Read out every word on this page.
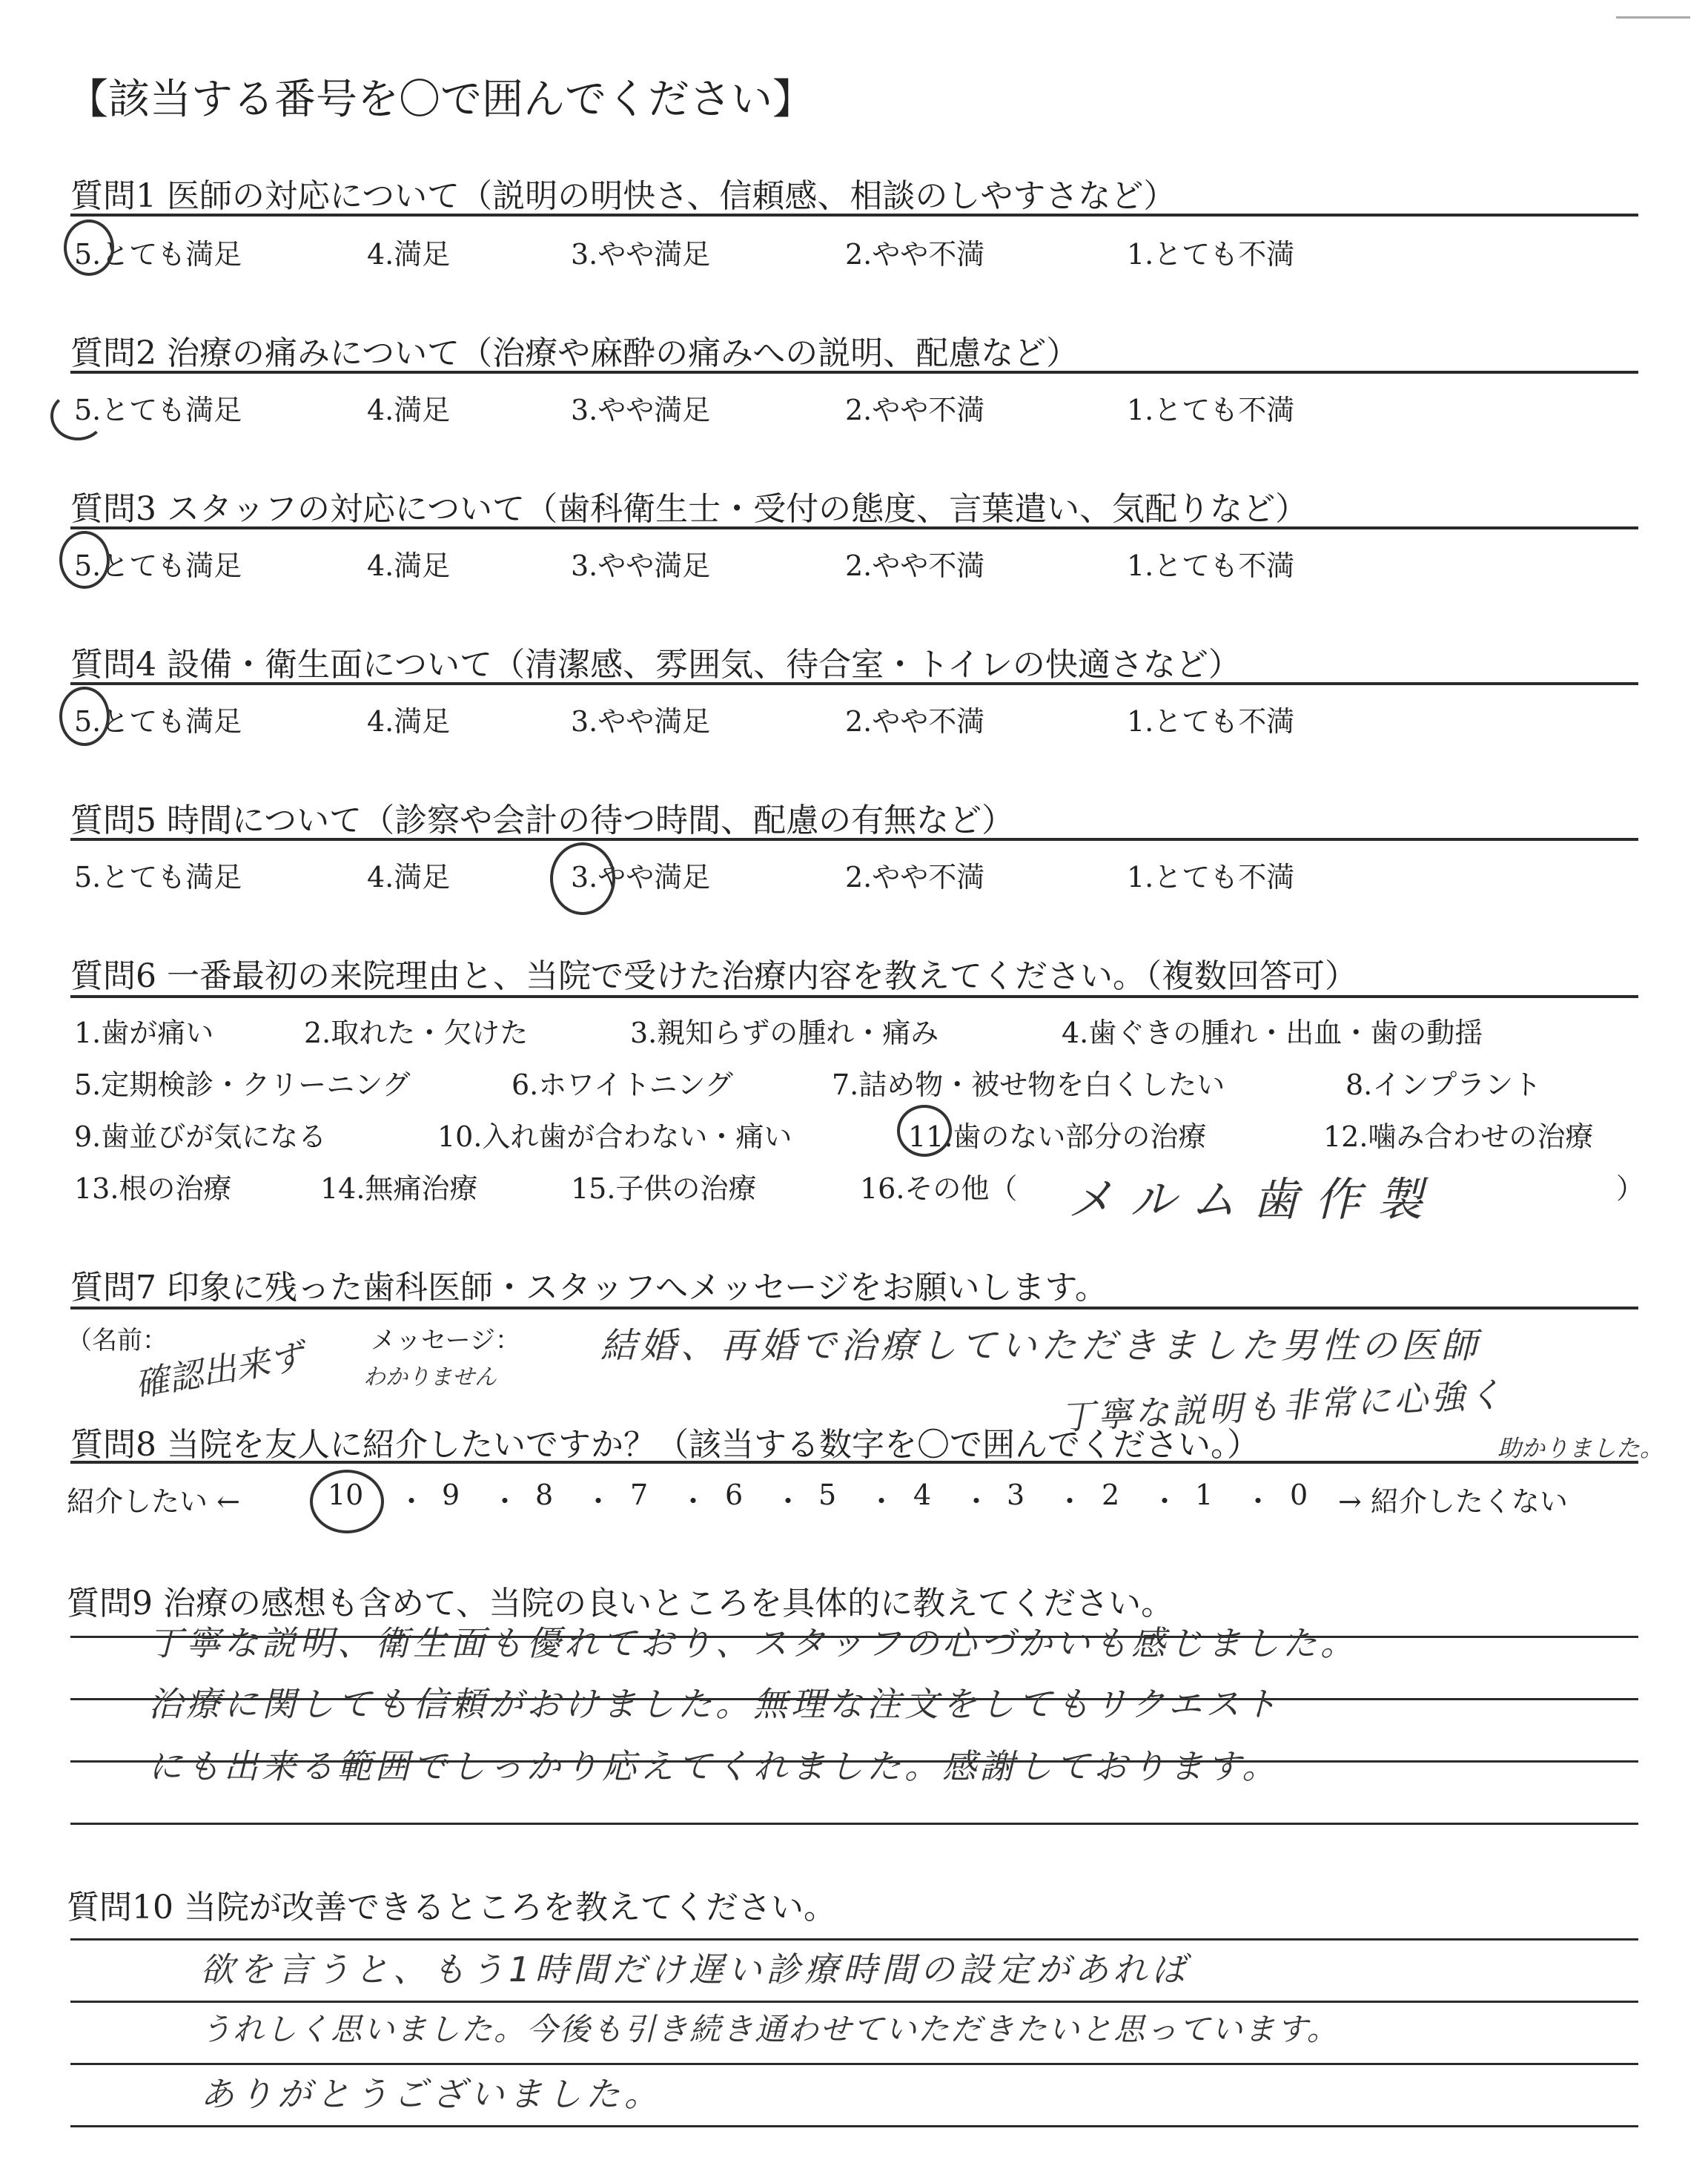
【該当する番号を〇で囲んでください】
質問1 医師の対応について（説明の明快さ、信頼感、相談のしやすさなど）
5.とても満足	4.満足	3.やや満足	2.やや不満	1.とても不満
質問2 治療の痛みについて（治療や麻酔の痛みへの説明、配慮など）
5.とても満足	4.満足	3.やや満足	2.やや不満	1.とても不満
質問3 スタッフの対応について（歯科衛生士・受付の態度、言葉遣い、気配りなど）
5.とても満足	4.満足	3.やや満足	2.やや不満	1.とても不満
質問4 設備・衛生面について（清潔感、雰囲気、待合室・トイレの快適さなど）
5.とても満足	4.満足	3.やや満足	2.やや不満	1.とても不満
質問5 時間について（診察や会計の待つ時間、配慮の有無など）
5.とても満足	4.満足	3.やや満足	2.やや不満	1.とても不満
質問6 一番最初の来院理由と、当院で受けた治療内容を教えてください。（複数回答可）
1.歯が痛い	2.取れた・欠けた	3.親知らずの腫れ・痛み	4.歯ぐきの腫れ・出血・歯の動揺
5.定期検診・クリーニング	6.ホワイトニング	7.詰め物・被せ物を白くしたい	8.インプラント
9.歯並びが気になる	10.入れ歯が合わない・痛い	11.歯のない部分の治療	12.噛み合わせの治療
13.根の治療	14.無痛治療	15.子供の治療	16.その他（	）
メルム歯作製
質問7 印象に残った歯科医師・スタッフへメッセージをお願いします。
（名前：	メッセージ：
確認出来ず	わかりません
結婚、再婚で治療していただきました男性の医師
丁寧な説明も非常に心強く
助かりました。
質問8 当院を友人に紹介したいですか？（該当する数字を〇で囲んでください。）
紹介したい ←	10 ・ 9 ・ 8 ・ 7 ・ 6 ・ 5 ・ 4 ・ 3 ・ 2 ・ 1 ・ 0 → 紹介したくない
質問9 治療の感想も含めて、当院の良いところを具体的に教えてください。
丁寧な説明、衛生面も優れており、スタッフの心づかいも感じました。
治療に関しても信頼がおけました。無理な注文をしてもリクエスト
にも出来る範囲でしっかり応えてくれました。感謝しております。
質問10 当院が改善できるところを教えてください。
欲を言うと、もう1時間だけ遅い診療時間の設定があれば
うれしく思いました。今後も引き続き通わせていただきたいと思っています。
ありがとうございました。
